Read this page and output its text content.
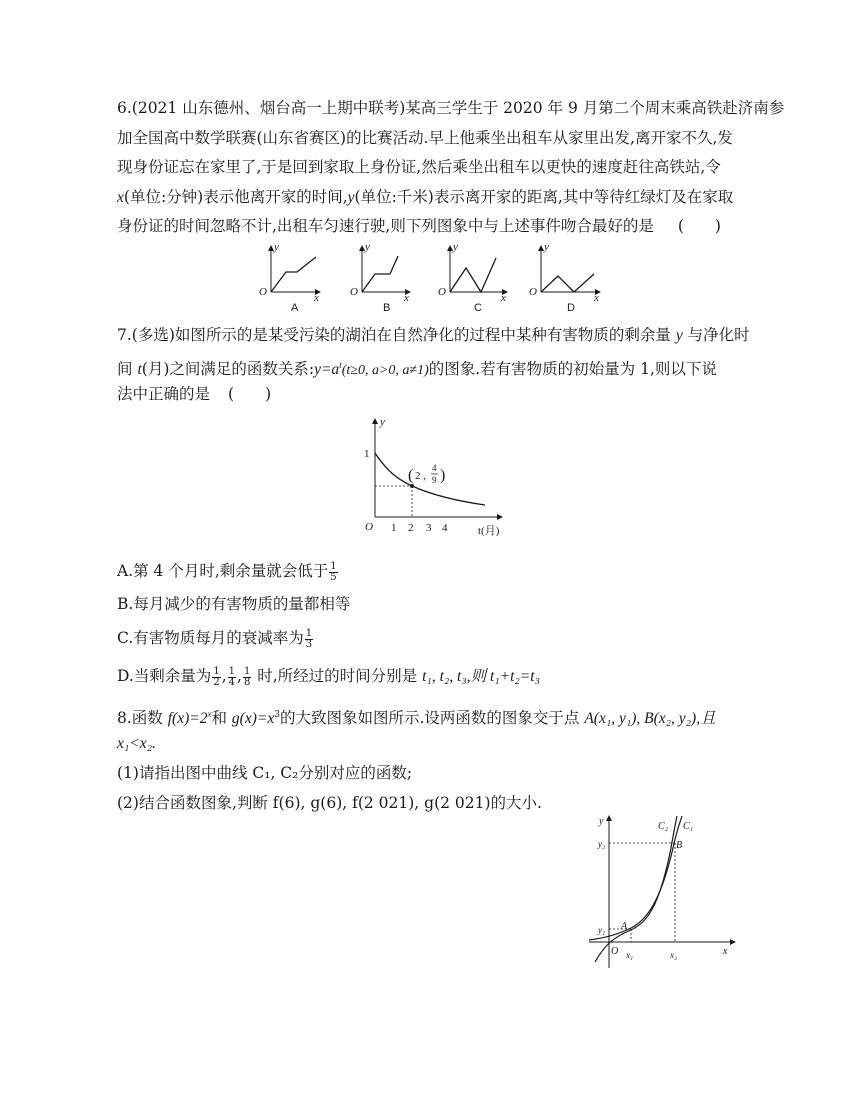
6.(2021 山东德州、烟台高一上期中联考)某高三学生于 2020 年 9 月第二个周末乘高铁赴济南参
加全国高中数学联赛(山东省赛区)的比赛活动.早上他乘坐出租车从家里出发,离开家不久,发
现身份证忘在家里了,于是回到家取上身份证,然后乘坐出租车以更快的速度赶往高铁站,令
x(单位:分钟)表示他离开家的时间,y(单位:千米)表示离开家的距离,其中等待红绿灯及在家取
身份证的时间忽略不计,出租车匀速行驶,则下列图象中与上述事件吻合最好的是 (　　)
y
x
O
y
x
O
y
x
O
y
x
O
A	B	C	D
7.(多选)如图所示的是某受污染的湖泊在自然净化的过程中某种有害物质的剩余量 y 与净化时
间 t(月)之间满足的函数关系$:y=a^t(t\ge 0$, a>0, a≠1)的图象.若有害物质的初始量为 1,则以下说
法中正确的是 (　　)
y
1
O 1 2 3 4	t(月)
( 2 ,
4
9 )
A.第 4 个月时,剩余量就会低于 $\frac{1}{5}$
B.每月减少的有害物质的量都相等
C.有害物质每月的衰减率为 $\frac{1}{3}$
D.当剩余量为 $\frac{1}{2}$ , $\frac{1}{4}$ , $\frac{1}{8}$ 时,所经过的时间分别是 t₁, t₂, t₃,则 t₁+t₂=t₃
8.函数 $f(x)=2^x$和 $g(x)=x^3$的大致图象如图所示.设两函数的图象交于点 A(x₁, y₁), B(x₂, y₂),且
x₁<x₂.
(1)请指出图中曲线 C₁, C₂分别对应的函数;
(2)结合函数图象,判断 f(6), g(6), f(2 021), g(2 021)的大小.
y
x
O
C₂ C₁
y₂
y₁
x₁	x₂
A
B
